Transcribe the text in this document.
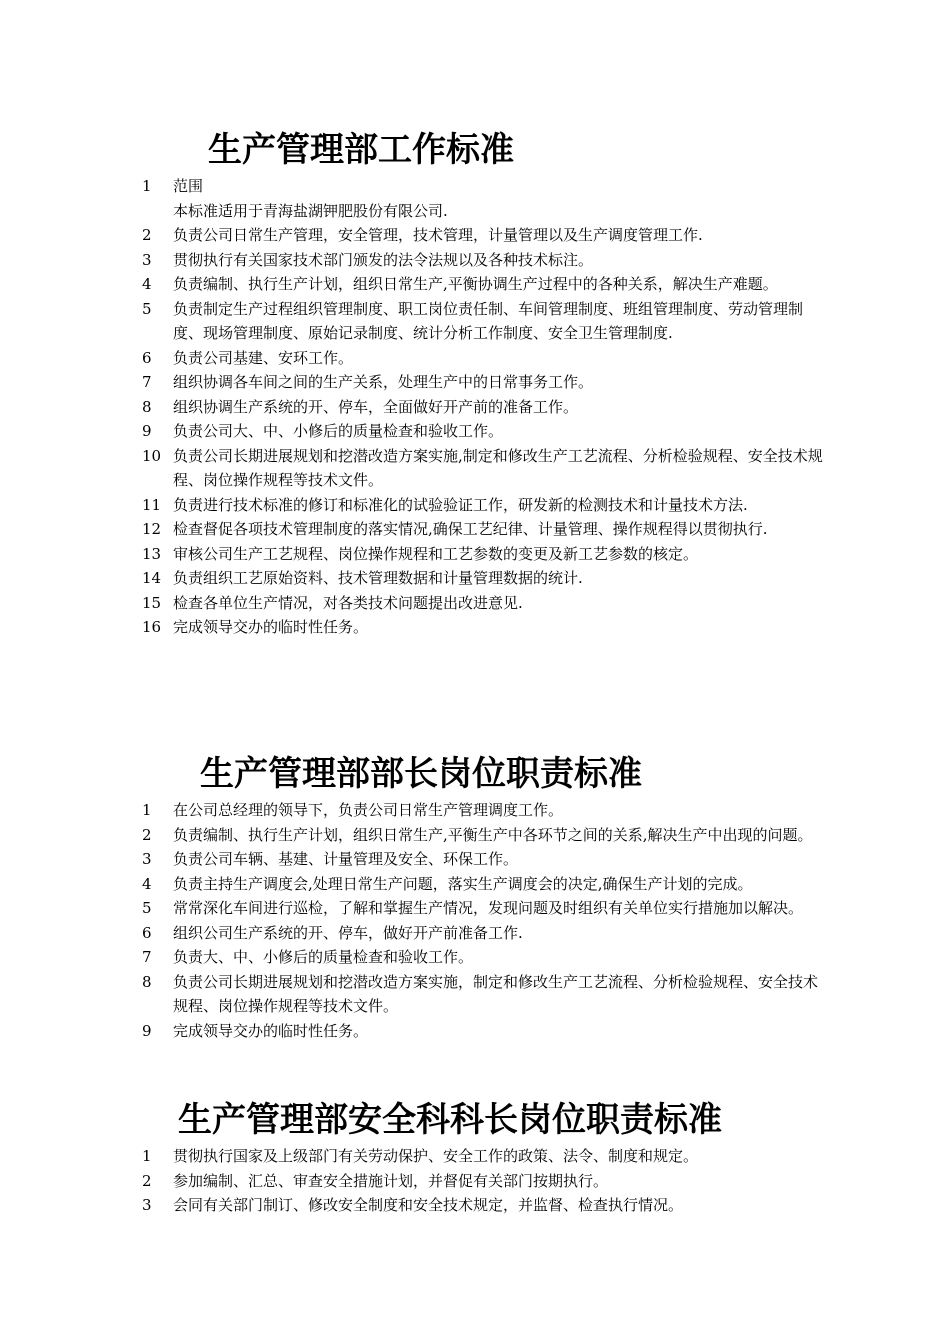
生产管理部工作标准
1	范围
本标准适用于青海盐湖钾肥股份有限公司.
2	负责公司日常生产管理，安全管理，技术管理，计量管理以及生产调度管理工作.
3	贯彻执行有关国家技术部门颁发的法令法规以及各种技术标注。
4	负责编制、执行生产计划，组织日常生产,平衡协调生产过程中的各种关系，解决生产难题。
5	负责制定生产过程组织管理制度、职工岗位责任制、车间管理制度、班组管理制度、劳动管理制度、现场管理制度、原始记录制度、统计分析工作制度、安全卫生管理制度.
6	负责公司基建、安环工作。
7	组织协调各车间之间的生产关系，处理生产中的日常事务工作。
8	组织协调生产系统的开、停车，全面做好开产前的准备工作。
9	负责公司大、中、小修后的质量检查和验收工作。
10 负责公司长期进展规划和挖潜改造方案实施,制定和修改生产工艺流程、分析检验规程、安全技术规程、岗位操作规程等技术文件。
11 负责进行技术标准的修订和标准化的试验验证工作，研发新的检测技术和计量技术方法.
12 检查督促各项技术管理制度的落实情况,确保工艺纪律、计量管理、操作规程得以贯彻执行.
13 审核公司生产工艺规程、岗位操作规程和工艺参数的变更及新工艺参数的核定。
14 负责组织工艺原始资料、技术管理数据和计量管理数据的统计.
15 检查各单位生产情况，对各类技术问题提出改进意见.
16 完成领导交办的临时性任务。
生产管理部部长岗位职责标准
1	在公司总经理的领导下，负责公司日常生产管理调度工作。
2	负责编制、执行生产计划，组织日常生产,平衡生产中各环节之间的关系,解决生产中出现的问题。
3	负责公司车辆、基建、计量管理及安全、环保工作。
4	负责主持生产调度会,处理日常生产问题，落实生产调度会的决定,确保生产计划的完成。
5	常常深化车间进行巡检，了解和掌握生产情况，发现问题及时组织有关单位实行措施加以解决。
6	组织公司生产系统的开、停车，做好开产前准备工作.
7	负责大、中、小修后的质量检查和验收工作。
8	负责公司长期进展规划和挖潜改造方案实施，制定和修改生产工艺流程、分析检验规程、安全技术规程、岗位操作规程等技术文件。
9	完成领导交办的临时性任务。
生产管理部安全科科长岗位职责标准
1	贯彻执行国家及上级部门有关劳动保护、安全工作的政策、法令、制度和规定。
2	参加编制、汇总、审查安全措施计划，并督促有关部门按期执行。
3	会同有关部门制订、修改安全制度和安全技术规定，并监督、检查执行情况。
